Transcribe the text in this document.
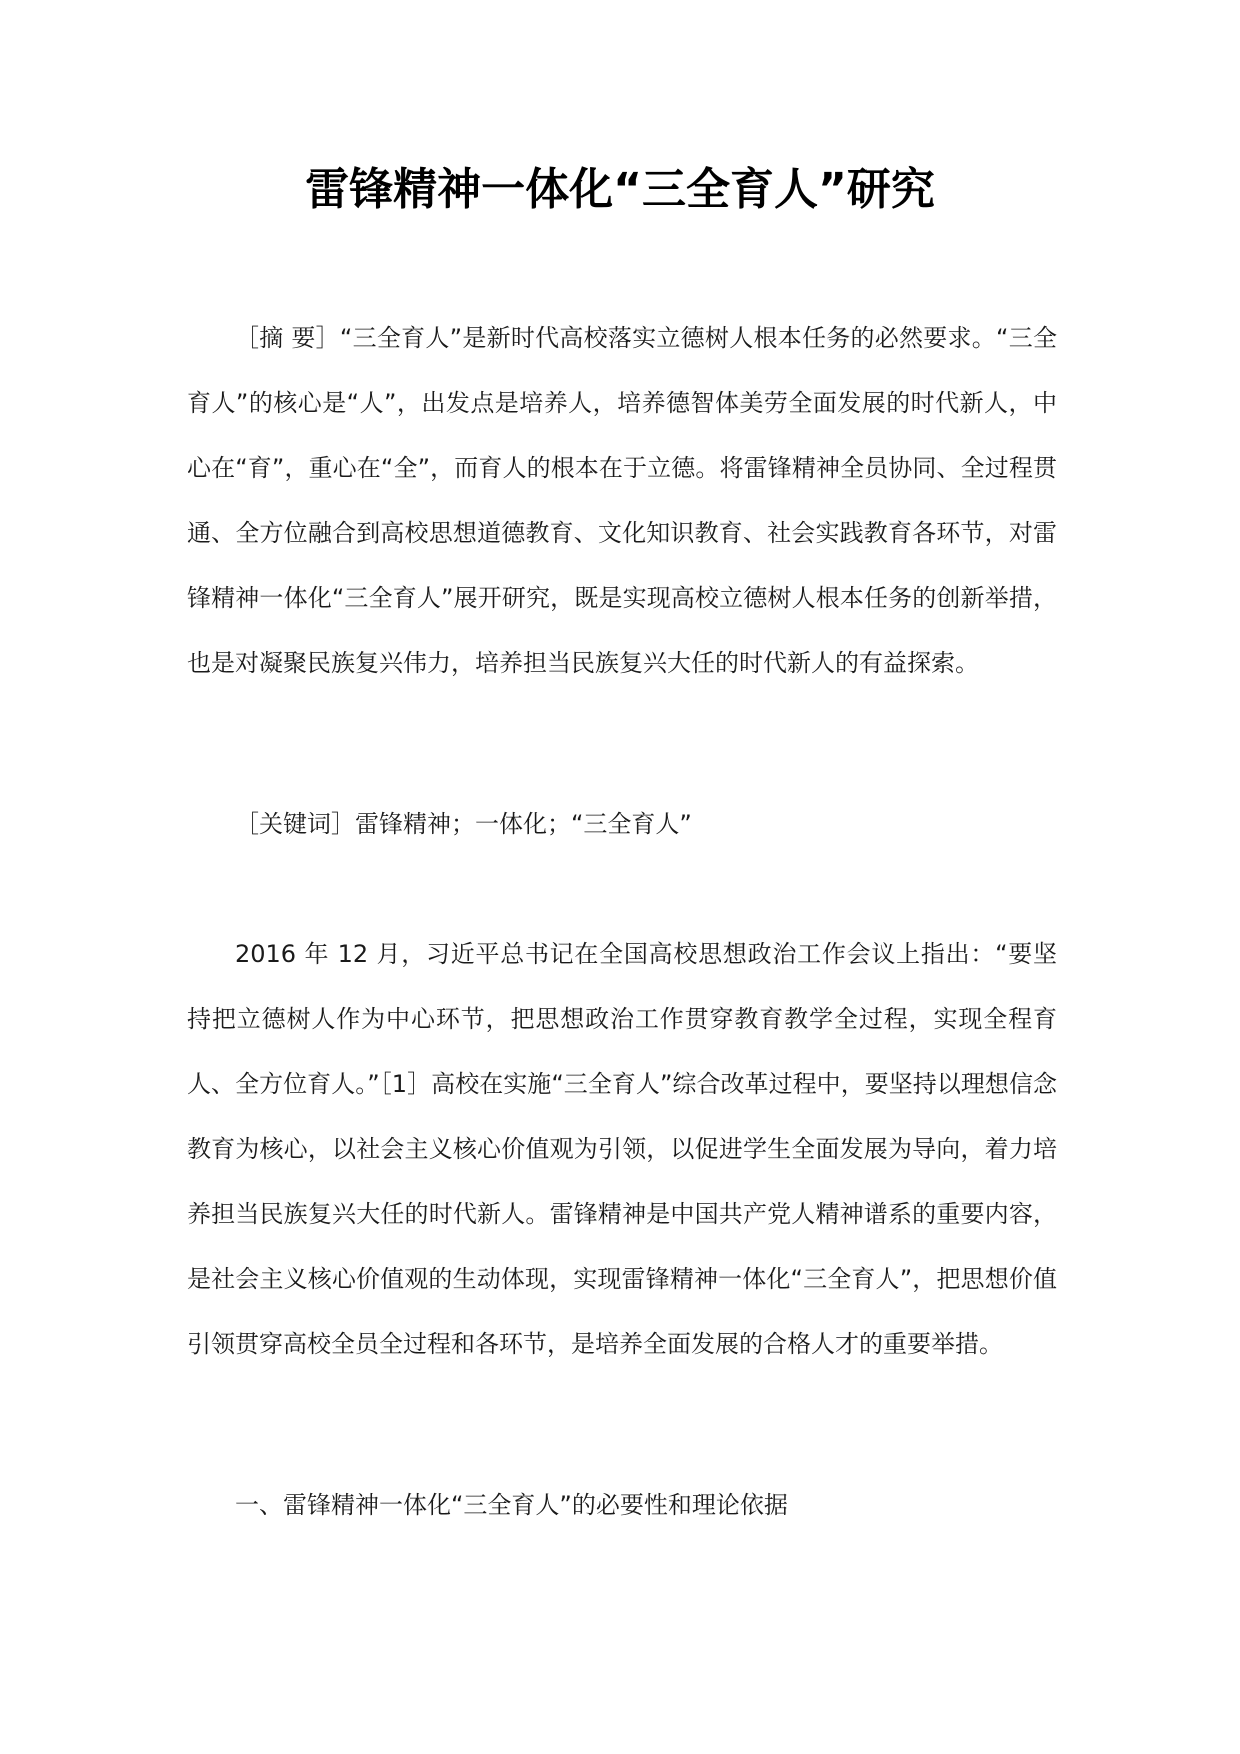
雷锋精神一体化“三全育人”研究

［摘 要］“三全育人”是新时代高校落实立德树人根本任务的必然要求。“三全育人”的核心是“人”，出发点是培养人，培养德智体美劳全面发展的时代新人，中心在“育”，重心在“全”，而育人的根本在于立德。将雷锋精神全员协同、全过程贯通、全方位融合到高校思想道德教育、文化知识教育、社会实践教育各环节，对雷锋精神一体化“三全育人”展开研究，既是实现高校立德树人根本任务的创新举措，也是对凝聚民族复兴伟力，培养担当民族复兴大任的时代新人的有益探索。

［关键词］雷锋精神；一体化；“三全育人”

2016 年 12 月，习近平总书记在全国高校思想政治工作会议上指出：“要坚持把立德树人作为中心环节，把思想政治工作贯穿教育教学全过程，实现全程育人、全方位育人。”［1］高校在实施“三全育人”综合改革过程中，要坚持以理想信念教育为核心，以社会主义核心价值观为引领，以促进学生全面发展为导向，着力培养担当民族复兴大任的时代新人。雷锋精神是中国共产党人精神谱系的重要内容，是社会主义核心价值观的生动体现，实现雷锋精神一体化“三全育人”，把思想价值引领贯穿高校全员全过程和各环节，是培养全面发展的合格人才的重要举措。

一、雷锋精神一体化“三全育人”的必要性和理论依据
